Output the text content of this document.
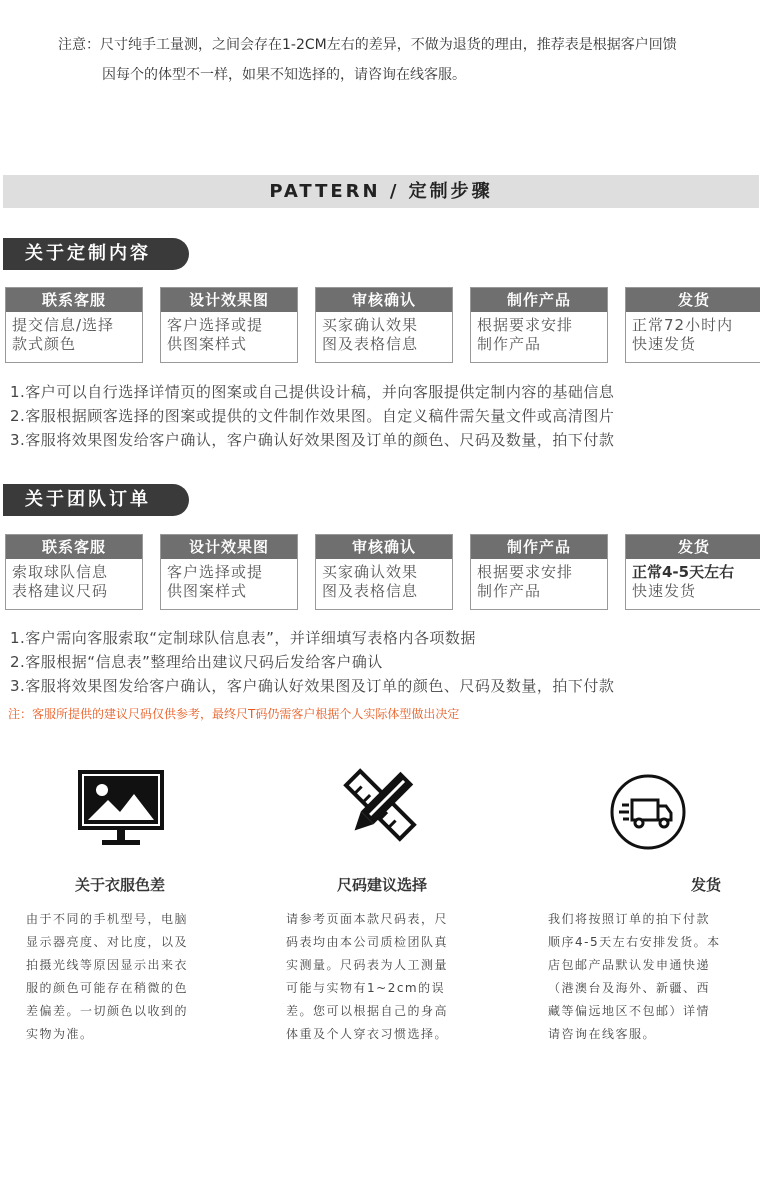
注意：尺寸纯手工量测，之间会存在1-2CM左右的差异，不做为退货的理由，推荐表是根据客户回馈
因每个的体型不一样，如果不知选择的，请咨询在线客服。
PATTERN / 定制步骤
关于定制内容
联系客服
提交信息/选择
款式颜色
设计效果图
客户选择或提
供图案样式
审核确认
买家确认效果
图及表格信息
制作产品
根据要求安排
制作产品
发货
正常72小时内
快速发货
1.客户可以自行选择详情页的图案或自己提供设计稿，并向客服提供定制内容的基础信息
2.客服根据顾客选择的图案或提供的文件制作效果图。自定义稿件需矢量文件或高清图片
3.客服将效果图发给客户确认，客户确认好效果图及订单的颜色、尺码及数量，拍下付款
关于团队订单
联系客服
索取球队信息
表格建议尺码
设计效果图
客户选择或提
供图案样式
审核确认
买家确认效果
图及表格信息
制作产品
根据要求安排
制作产品
发货
正常4-5天左右
快速发货
1.客户需向客服索取“定制球队信息表”，并详细填写表格内各项数据
2.客服根据“信息表”整理给出建议尺码后发给客户确认
3.客服将效果图发给客户确认，客户确认好效果图及订单的颜色、尺码及数量，拍下付款
注：客服所提供的建议尺码仅供参考，最终尺T码仍需客户根据个人实际体型做出决定
关于衣服色差	尺码建议选择	发货
由于不同的手机型号，电脑
显示器亮度、对比度，以及
拍摄光线等原因显示出来衣
服的颜色可能存在稍微的色
差偏差。一切颜色以收到的
实物为准。
请参考页面本款尺码表，尺
码表均由本公司质检团队真
实测量。尺码表为人工测量
可能与实物有1~2cm的误
差。您可以根据自己的身高
体重及个人穿衣习惯选择。
我们将按照订单的拍下付款
顺序4-5天左右安排发货。本
店包邮产品默认发申通快递
（港澳台及海外、新疆、西
藏等偏远地区不包邮）详情
请咨询在线客服。
